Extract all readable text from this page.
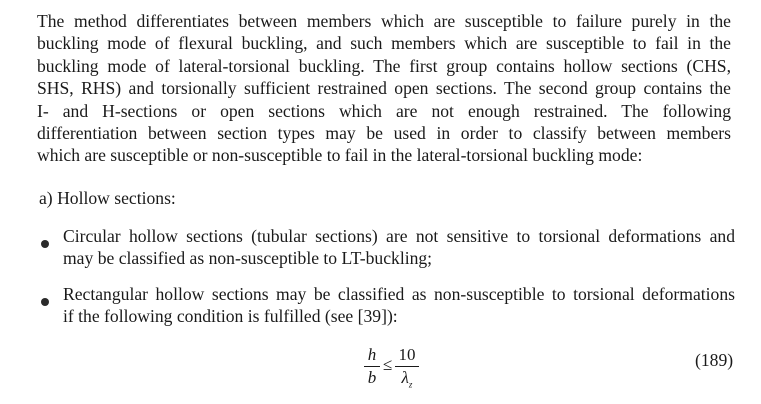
The method differentiates between members which are susceptible to failure purely in the
buckling mode of flexural buckling, and such members which are susceptible to fail in the
buckling mode of lateral-torsional buckling. The first group contains hollow sections (CHS,
SHS, RHS) and torsionally sufficient restrained open sections. The second group contains the
I- and H-sections or open sections which are not enough restrained. The following
differentiation between section types may be used in order to classify between members
which are susceptible or non-susceptible to fail in the lateral-torsional buckling mode:

a) Hollow sections:

Circular hollow sections (tubular sections) are not sensitive to torsional deformations and
may be classified as non-susceptible to LT-buckling;

Rectangular hollow sections may be classified as non-susceptible to torsional deformations
if the following condition is fulfilled (see [39]):

h
b
≤
10
$\lambda_z$
(189)
